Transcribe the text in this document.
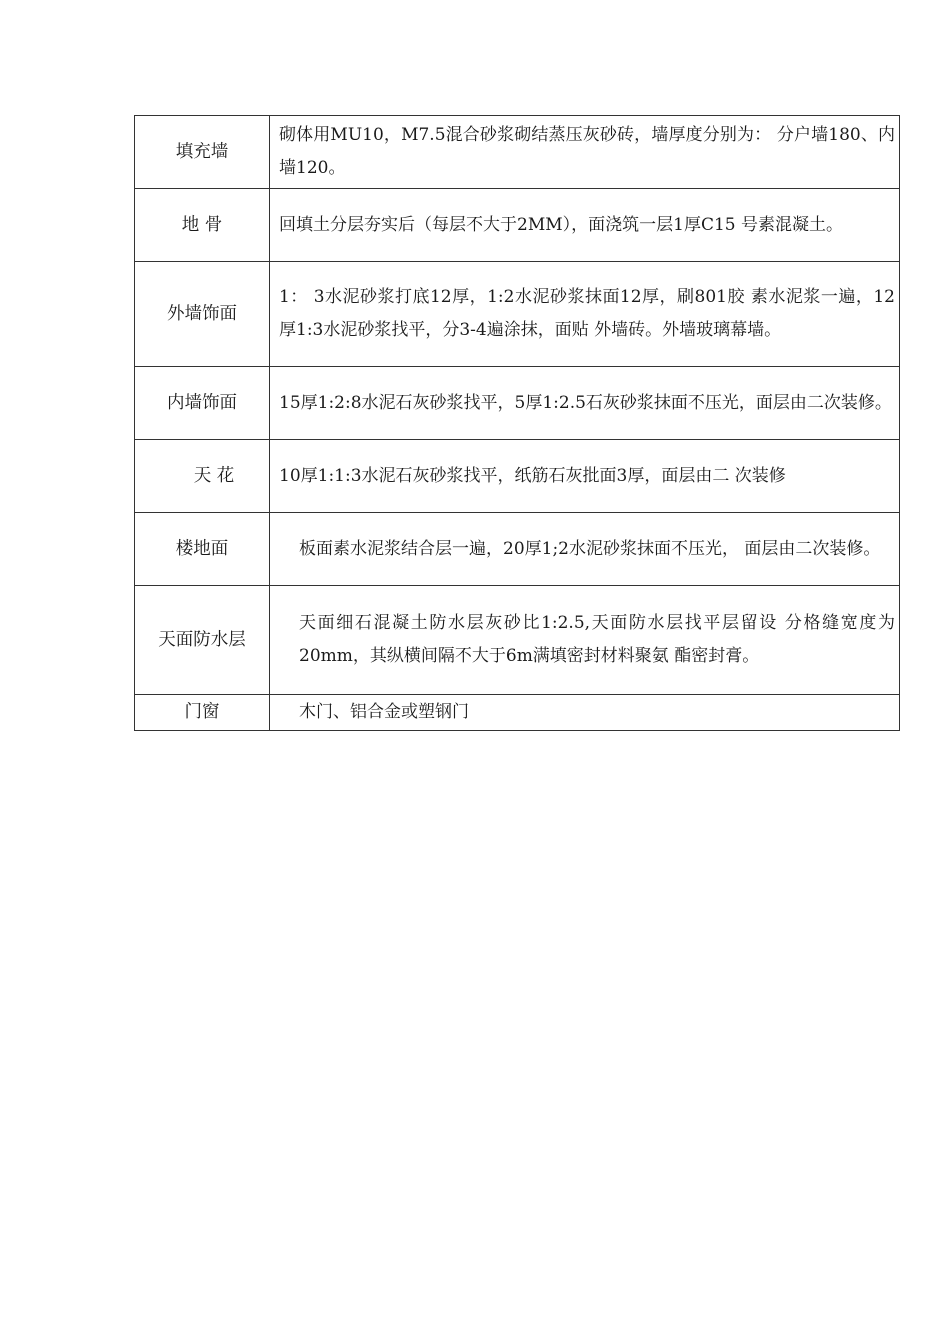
填充墙	砌体用MU10，M7.5混合砂浆砌结蒸压灰砂砖，墙厚度分别为： 分户墙180、内墙120。
地 骨	回填土分层夯实后（每层不大于2MM），面浇筑一层1厚C15 号素混凝土。
外墙饰面	1： 3水泥砂浆打底12厚，1:2水泥砂浆抹面12厚，刷801胶 素水泥浆一遍，12厚1:3水泥砂浆找平，分3-4遍涂抹，面贴 外墙砖。外墙玻璃幕墙。
内墙饰面	15厚1:2:8水泥石灰砂浆找平，5厚1:2.5石灰砂浆抹面不压光，面层由二次装修。
天 花	10厚1:1:3水泥石灰砂浆找平，纸筋石灰批面3厚，面层由二 次装修
楼地面	板面素水泥浆结合层一遍，20厚1;2水泥砂浆抹面不压光， 面层由二次装修。
天面防水层	天面细石混凝土防水层灰砂比1:2.5,天面防水层找平层留设 分格缝宽度为20mm，其纵横间隔不大于6m满填密封材料聚氨 酯密封膏。
门窗	木门、铝合金或塑钢门
